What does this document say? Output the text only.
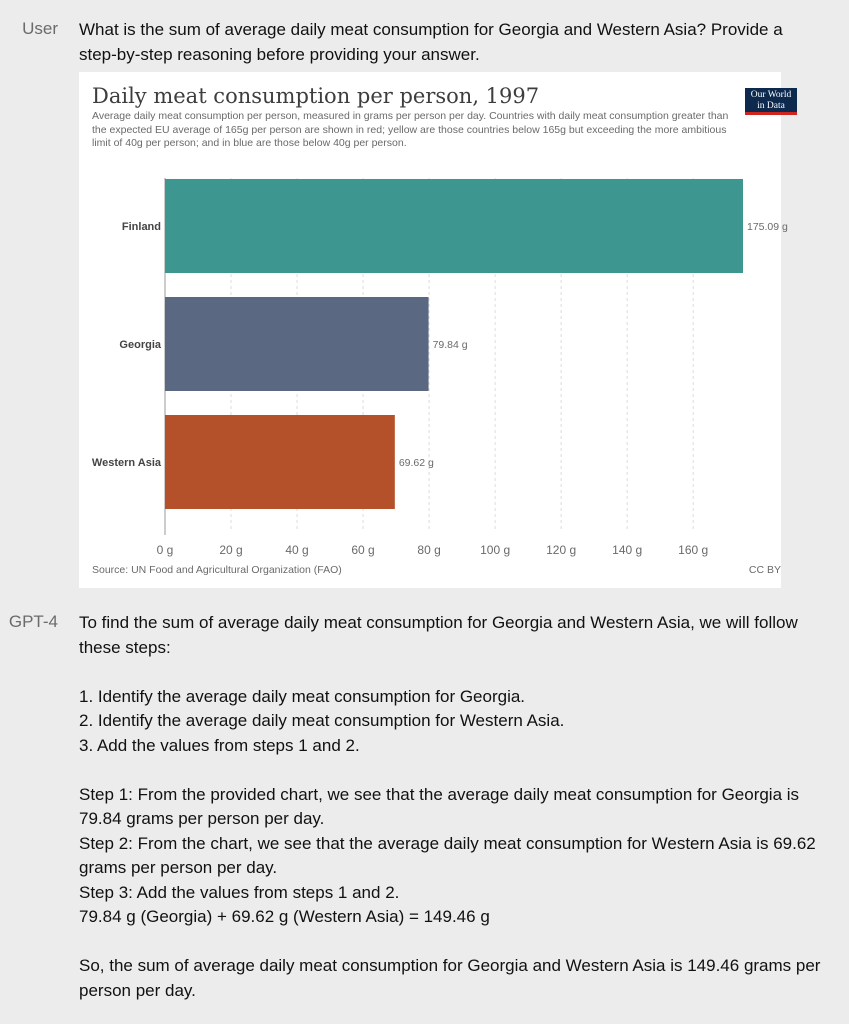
User What is the sum of average daily meat consumption for Georgia and Western Asia? Provide a step-by-step reasoning before providing your answer.
Daily meat consumption per person, 1997
Average daily meat consumption per person, measured in grams per person per day. Countries with daily meat consumption greater than the expected EU average of 165g per person are shown in red; yellow are those countries below 165g but exceeding the more ambitious limit of 40g per person; and in blue are those below 40g per person.
Our World
in Data
Finland	175.09 g
Georgia	79.84 g
Western Asia	69.62 g
0 g	20 g	40 g	60 g	80 g	100 g	120 g	140 g	160 g
Source: UN Food and Agricultural Organization (FAO)	CC BY
GPT-4 To find the sum of average daily meat consumption for Georgia and Western Asia, we will follow these steps:

1. Identify the average daily meat consumption for Georgia.

2. Identify the average daily meat consumption for Western Asia.

3. Add the values from steps 1 and 2.

Step 1: From the provided chart, we see that the average daily meat consumption for Georgia is 79.84 grams per person per day.

Step 2: From the chart, we see that the average daily meat consumption for Western Asia is 69.62 grams per person per day.

Step 3: Add the values from steps 1 and 2.

79.84 g (Georgia) + 69.62 g (Western Asia) = 149.46 g

So, the sum of average daily meat consumption for Georgia and Western Asia is 149.46 grams per person per day.
